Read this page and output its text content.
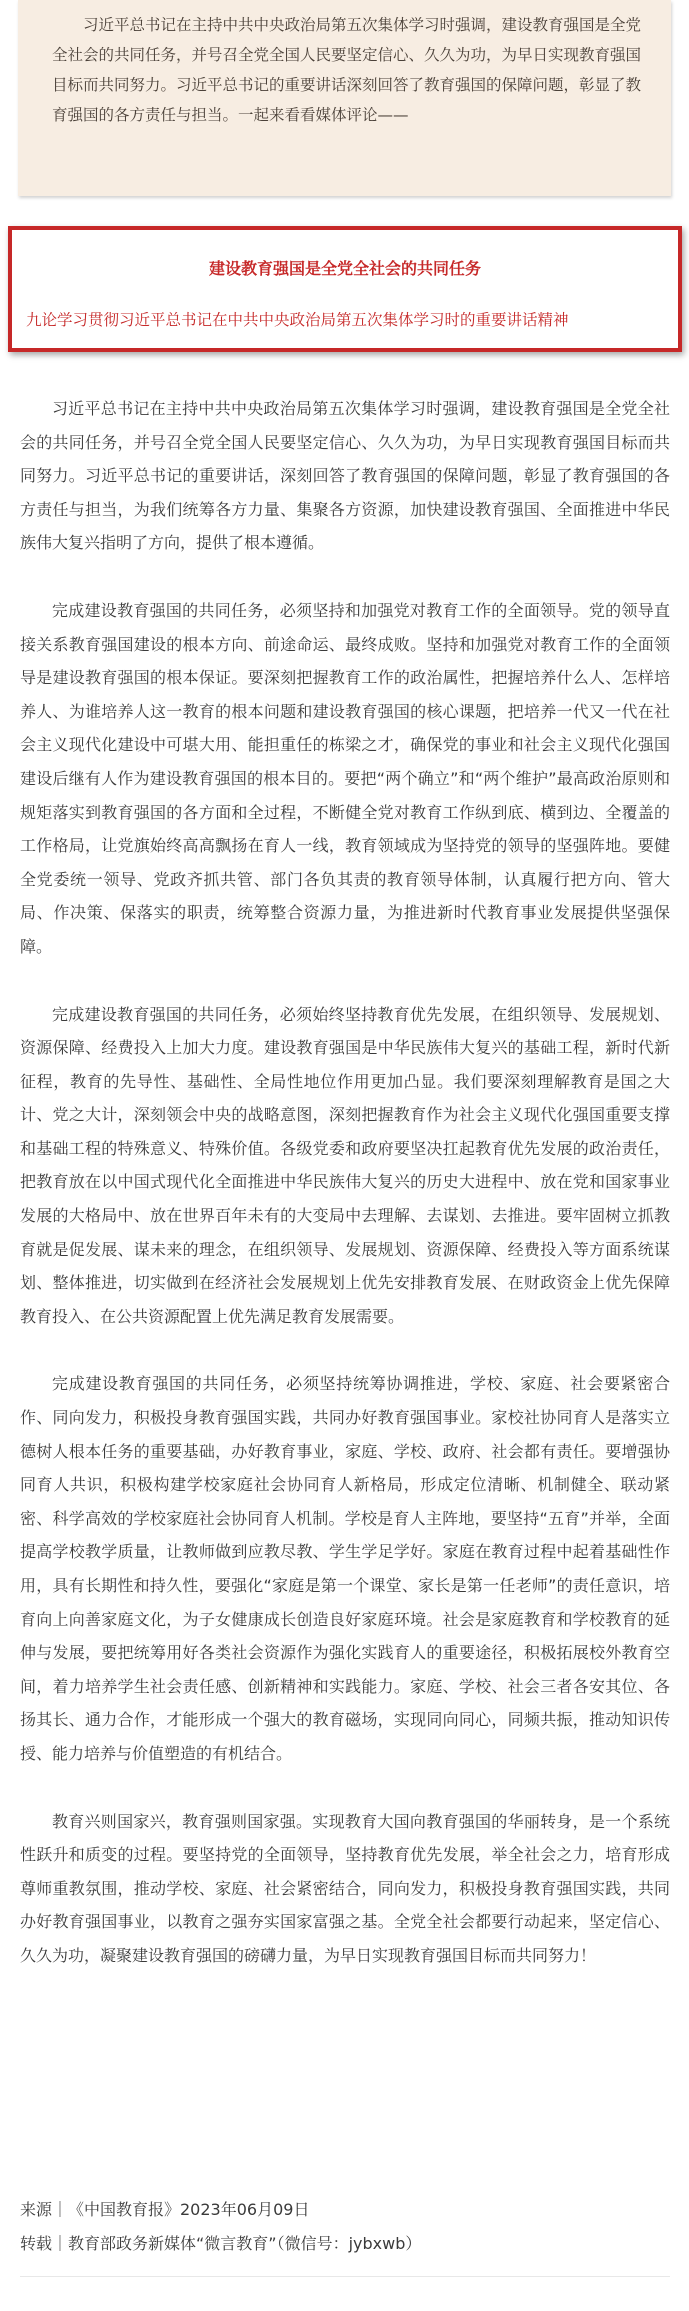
习近平总书记在主持中共中央政治局第五次集体学习时强调，建设教育强国是全党全社会的共同任务，并号召全党全国人民要坚定信心、久久为功，为早日实现教育强国目标而共同努力。习近平总书记的重要讲话深刻回答了教育强国的保障问题，彰显了教育强国的各方责任与担当。一起来看看媒体评论——
建设教育强国是全党全社会的共同任务
九论学习贯彻习近平总书记在中共中央政治局第五次集体学习时的重要讲话精神

习近平总书记在主持中共中央政治局第五次集体学习时强调，建设教育强国是全党全社会的共同任务，并号召全党全国人民要坚定信心、久久为功，为早日实现教育强国目标而共同努力。习近平总书记的重要讲话，深刻回答了教育强国的保障问题，彰显了教育强国的各方责任与担当，为我们统筹各方力量、集聚各方资源，加快建设教育强国、全面推进中华民族伟大复兴指明了方向，提供了根本遵循。

完成建设教育强国的共同任务，必须坚持和加强党对教育工作的全面领导。党的领导直接关系教育强国建设的根本方向、前途命运、最终成败。坚持和加强党对教育工作的全面领导是建设教育强国的根本保证。要深刻把握教育工作的政治属性，把握培养什么人、怎样培养人、为谁培养人这一教育的根本问题和建设教育强国的核心课题，把培养一代又一代在社会主义现代化建设中可堪大用、能担重任的栋梁之才，确保党的事业和社会主义现代化强国建设后继有人作为建设教育强国的根本目的。要把“两个确立”和“两个维护”最高政治原则和规矩落实到教育强国的各方面和全过程，不断健全党对教育工作纵到底、横到边、全覆盖的工作格局，让党旗始终高高飘扬在育人一线，教育领域成为坚持党的领导的坚强阵地。要健全党委统一领导、党政齐抓共管、部门各负其责的教育领导体制，认真履行把方向、管大局、作决策、保落实的职责，统筹整合资源力量，为推进新时代教育事业发展提供坚强保障。

完成建设教育强国的共同任务，必须始终坚持教育优先发展，在组织领导、发展规划、资源保障、经费投入上加大力度。建设教育强国是中华民族伟大复兴的基础工程，新时代新征程，教育的先导性、基础性、全局性地位作用更加凸显。我们要深刻理解教育是国之大计、党之大计，深刻领会中央的战略意图，深刻把握教育作为社会主义现代化强国重要支撑和基础工程的特殊意义、特殊价值。各级党委和政府要坚决扛起教育优先发展的政治责任，把教育放在以中国式现代化全面推进中华民族伟大复兴的历史大进程中、放在党和国家事业发展的大格局中、放在世界百年未有的大变局中去理解、去谋划、去推进。要牢固树立抓教育就是促发展、谋未来的理念，在组织领导、发展规划、资源保障、经费投入等方面系统谋划、整体推进，切实做到在经济社会发展规划上优先安排教育发展、在财政资金上优先保障教育投入、在公共资源配置上优先满足教育发展需要。

完成建设教育强国的共同任务，必须坚持统筹协调推进，学校、家庭、社会要紧密合作、同向发力，积极投身教育强国实践，共同办好教育强国事业。家校社协同育人是落实立德树人根本任务的重要基础，办好教育事业，家庭、学校、政府、社会都有责任。要增强协同育人共识，积极构建学校家庭社会协同育人新格局，形成定位清晰、机制健全、联动紧密、科学高效的学校家庭社会协同育人机制。学校是育人主阵地，要坚持“五育”并举，全面提高学校教学质量，让教师做到应教尽教、学生学足学好。家庭在教育过程中起着基础性作用，具有长期性和持久性，要强化“家庭是第一个课堂、家长是第一任老师”的责任意识，培育向上向善家庭文化，为子女健康成长创造良好家庭环境。社会是家庭教育和学校教育的延伸与发展，要把统筹用好各类社会资源作为强化实践育人的重要途径，积极拓展校外教育空间，着力培养学生社会责任感、创新精神和实践能力。家庭、学校、社会三者各安其位、各扬其长、通力合作，才能形成一个强大的教育磁场，实现同向同心，同频共振，推动知识传授、能力培养与价值塑造的有机结合。

教育兴则国家兴，教育强则国家强。实现教育大国向教育强国的华丽转身，是一个系统性跃升和质变的过程。要坚持党的全面领导，坚持教育优先发展，举全社会之力，培育形成尊师重教氛围，推动学校、家庭、社会紧密结合，同向发力，积极投身教育强国实践，共同办好教育强国事业，以教育之强夯实国家富强之基。全党全社会都要行动起来，坚定信心、久久为功，凝聚建设教育强国的磅礴力量，为早日实现教育强国目标而共同努力！

来源｜《中国教育报》2023年06月09日
转载｜教育部政务新媒体“微言教育”（微信号：jybxwb）
